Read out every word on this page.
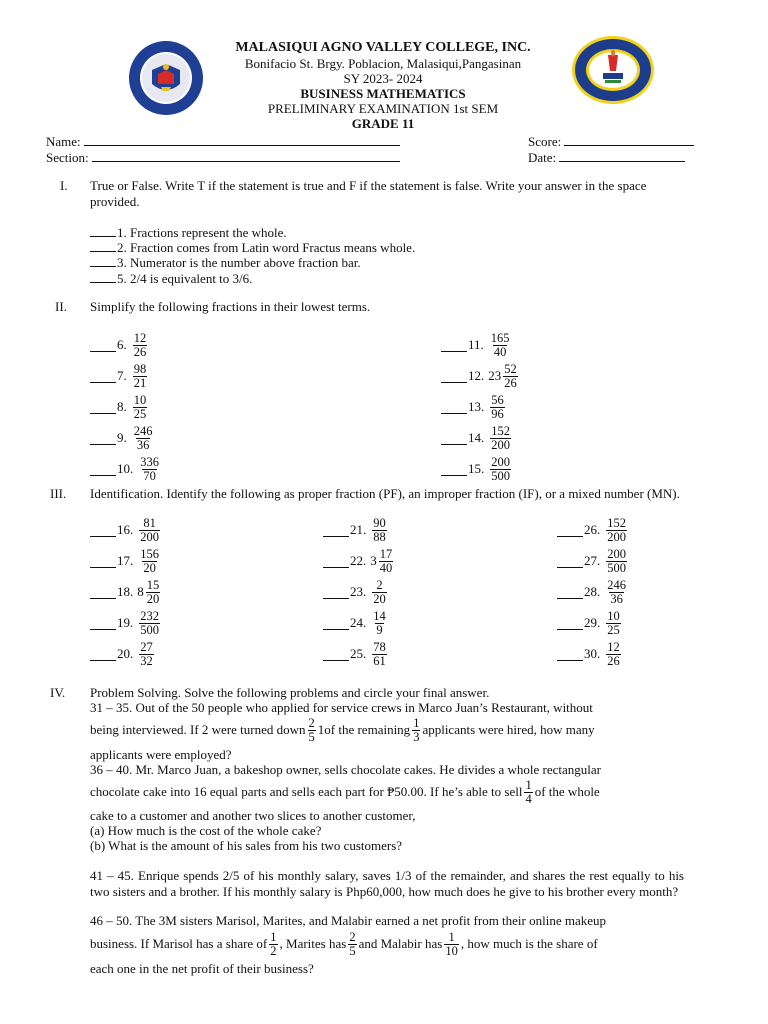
MALASIQUI AGNO VALLEY COLLEGE, INC.
Bonifacio St. Brgy. Poblacion, Malasiqui,Pangasinan
SY 2023- 2024
BUSINESS MATHEMATICS
PRELIMINARY EXAMINATION 1st SEM
GRADE 11
Name:
Section:
Score:
Date:
I. True or False. Write T if the statement is true and F if the statement is false. Write your answer in the space provided.
1. Fractions represent the whole.
2. Fraction comes from Latin word Fractus means whole.
3. Numerator is the number above fraction bar.
5. 2/4 is equivalent to 3/6.
II. Simplify the following fractions in their lowest terms.
6. $\frac{12}{26}$
7. $\frac{98}{21}$
8. $\frac{10}{25}$
9. $\frac{246}{36}$
10. $\frac{336}{70}$
11. $\frac{165}{40}$
12. $23 \frac{52}{26}$
13. $\frac{56}{96}$
14. $\frac{152}{200}$
15. $\frac{200}{500}$
III. Identification. Identify the following as proper fraction (PF), an improper fraction (IF), or a mixed number (MN).
16. $\frac{81}{200}$
17. $\frac{156}{20}$
18. $8 \frac{15}{20}$
19. $\frac{232}{500}$
20. $\frac{27}{32}$
21. $\frac{90}{88}$
22. $3 \frac{17}{40}$
23. $\frac{2}{20}$
24. $\frac{14}{9}$
25. $\frac{78}{61}$
26. $\frac{152}{200}$
27. $\frac{200}{500}$
28. $\frac{246}{36}$
29. $\frac{10}{25}$
30. $\frac{12}{26}$
IV. Problem Solving. Solve the following problems and circle your final answer.
31 – 35. Out of the 50 people who applied for service crews in Marco Juan’s Restaurant, without
being interviewed. If 2 were turned down 2
5 1of the remaining 1
3 applicants were hired, how many
applicants were employed?
36 – 40. Mr. Marco Juan, a bakeshop owner, sells chocolate cakes. He divides a whole rectangular
chocolate cake into 16 equal parts and sells each part for ₱50.00. If he’s able to sell 1
4 of the whole
cake to a customer and another two slices to another customer,
(a) How much is the cost of the whole cake?
(b) What is the amount of his sales from his two customers?
41 – 45. Enrique spends 2/5 of his monthly salary, saves 1/3 of the remainder, and shares the rest equally to his two sisters and a brother. If his monthly salary is Php60,000, how much does he give to his brother every month?
46 – 50. The 3M sisters Marisol, Marites, and Malabir earned a net profit from their online makeup
business. If Marisol has a share of 1
2 , Marites has 2
5 and Malabir has 1
10 , how much is the share of
each one in the net profit of their business?
